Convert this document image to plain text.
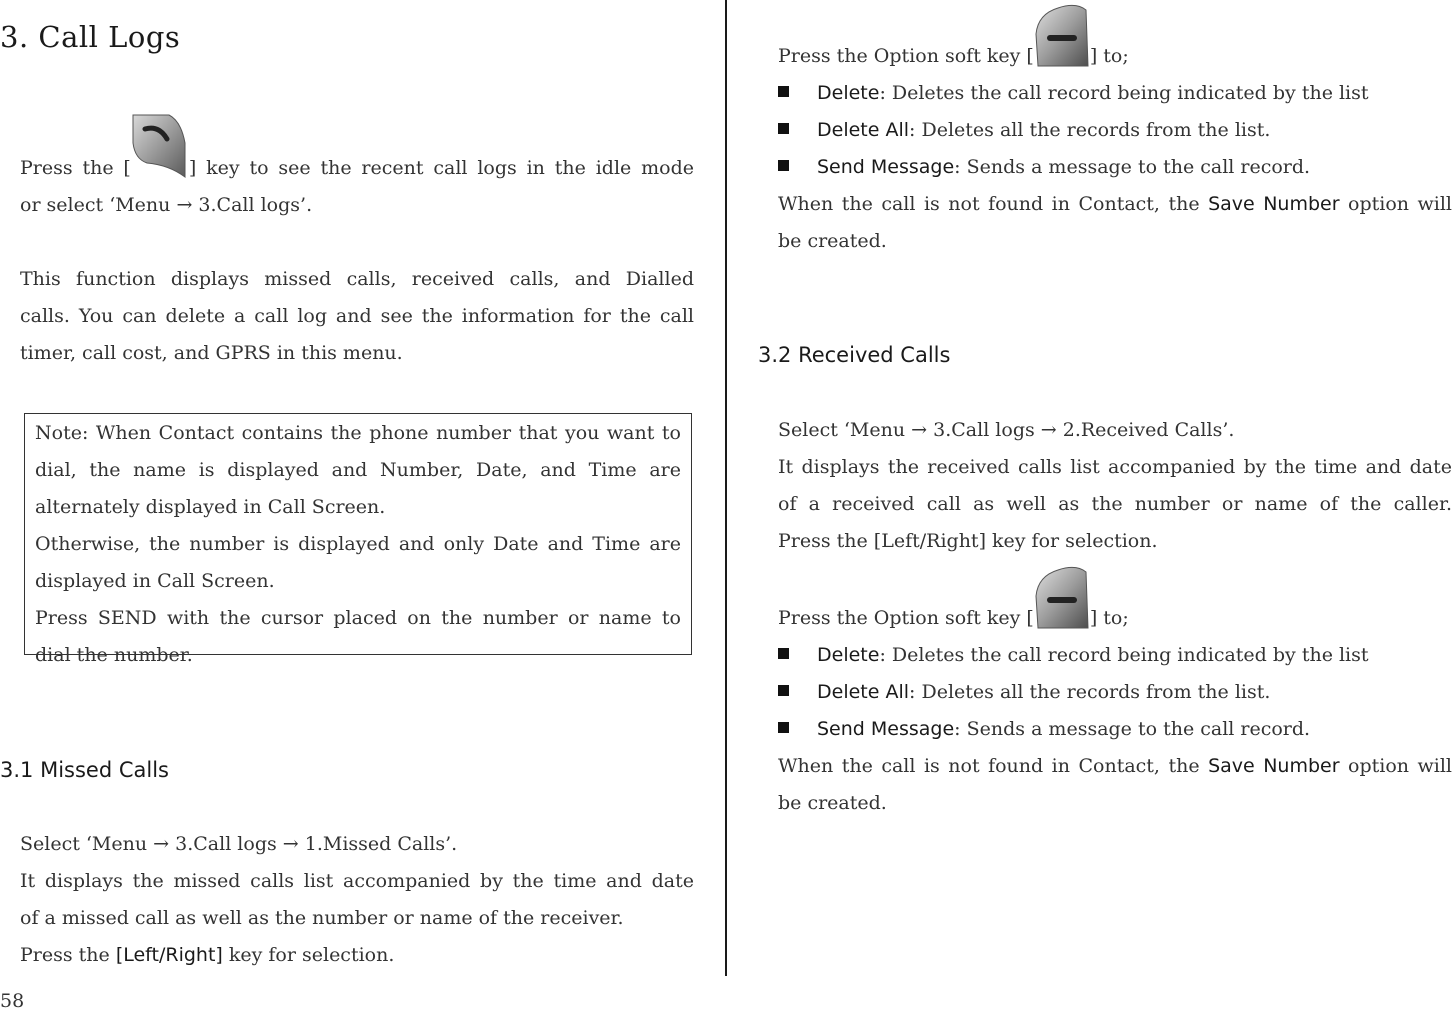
3. Call Logs
Press the [	] key to see the recent call logs in the idle mode
or select ‘Menu → 3.Call logs’.
This function displays missed calls, received calls, and Dialled
calls. You can delete a call log and see the information for the call
timer, call cost, and GPRS in this menu.
Note: When Contact contains the phone number that you want to
dial, the name is displayed and Number, Date, and Time are
alternately displayed in Call Screen.
Otherwise, the number is displayed and only Date and Time are
displayed in Call Screen.
Press SEND with the cursor placed on the number or name to
dial the number.
3.1 Missed Calls
Select ‘Menu → 3.Call logs → 1.Missed Calls’.
It displays the missed calls list accompanied by the time and date
of a missed call as well as the number or name of the receiver.
Press the [Left/Right] key for selection.
58
Press the Option soft key [	] to;
Delete: Deletes the call record being indicated by the list
Delete All: Deletes all the records from the list.
Send Message: Sends a message to the call record.
When the call is not found in Contact, the Save Number option will
be created.
3.2 Received Calls
Select ‘Menu → 3.Call logs → 2.Received Calls’.
It displays the received calls list accompanied by the time and date
of a received call as well as the number or name of the caller.
Press the [Left/Right] key for selection.
Press the Option soft key [	] to;
Delete: Deletes the call record being indicated by the list
Delete All: Deletes all the records from the list.
Send Message: Sends a message to the call record.
When the call is not found in Contact, the Save Number option will
be created.
